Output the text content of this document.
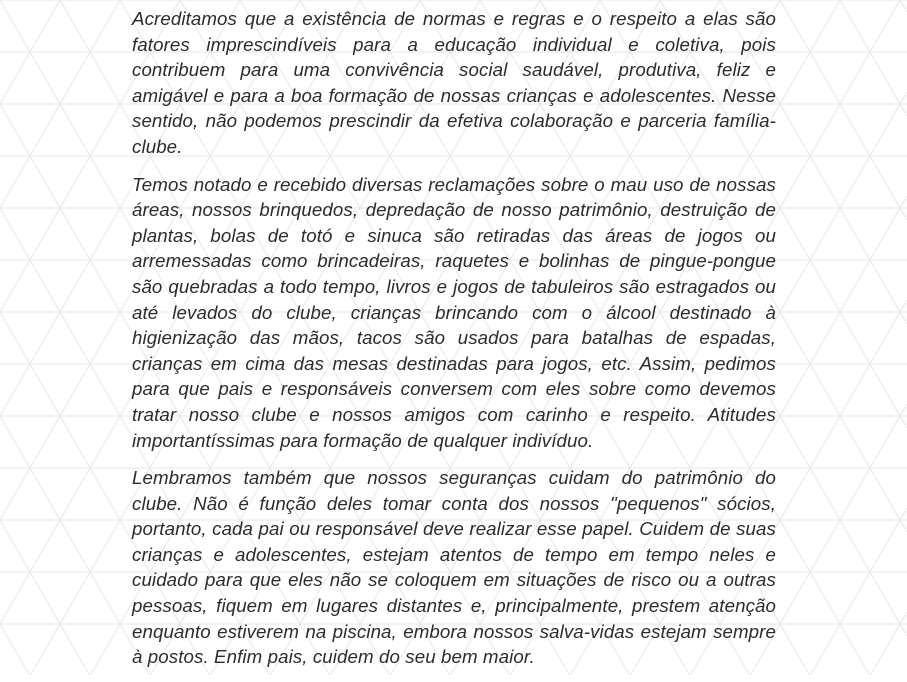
Acreditamos que a existência de normas e regras e o respeito a elas são fatores imprescindíveis para a educação individual e coletiva, pois contribuem para uma convivência social saudável, produtiva, feliz e amigável e para a boa formação de nossas crianças e adolescentes. Nesse sentido, não podemos prescindir da efetiva colaboração e parceria família-clube.

Temos notado e recebido diversas reclamações sobre o mau uso de nossas áreas, nossos brinquedos, depredação de nosso patrimônio, destruição de plantas, bolas de totó e sinuca são retiradas das áreas de jogos ou arremessadas como brincadeiras, raquetes e bolinhas de pingue-pongue são quebradas a todo tempo, livros e jogos de tabuleiros são estragados ou até levados do clube, crianças brincando com o álcool destinado à higienização das mãos, tacos são usados para batalhas de espadas, crianças em cima das mesas destinadas para jogos, etc. Assim, pedimos para que pais e responsáveis conversem com eles sobre como devemos tratar nosso clube e nossos amigos com carinho e respeito. Atitudes importantíssimas para formação de qualquer indivíduo.

Lembramos também que nossos seguranças cuidam do patrimônio do clube. Não é função deles tomar conta dos nossos "pequenos" sócios, portanto, cada pai ou responsável deve realizar esse papel. Cuidem de suas crianças e adolescentes, estejam atentos de tempo em tempo neles e cuidado para que eles não se coloquem em situações de risco ou a outras pessoas, fiquem em lugares distantes e, principalmente, prestem atenção enquanto estiverem na piscina, embora nossos salva-vidas estejam sempre à postos. Enfim pais, cuidem do seu bem maior.
